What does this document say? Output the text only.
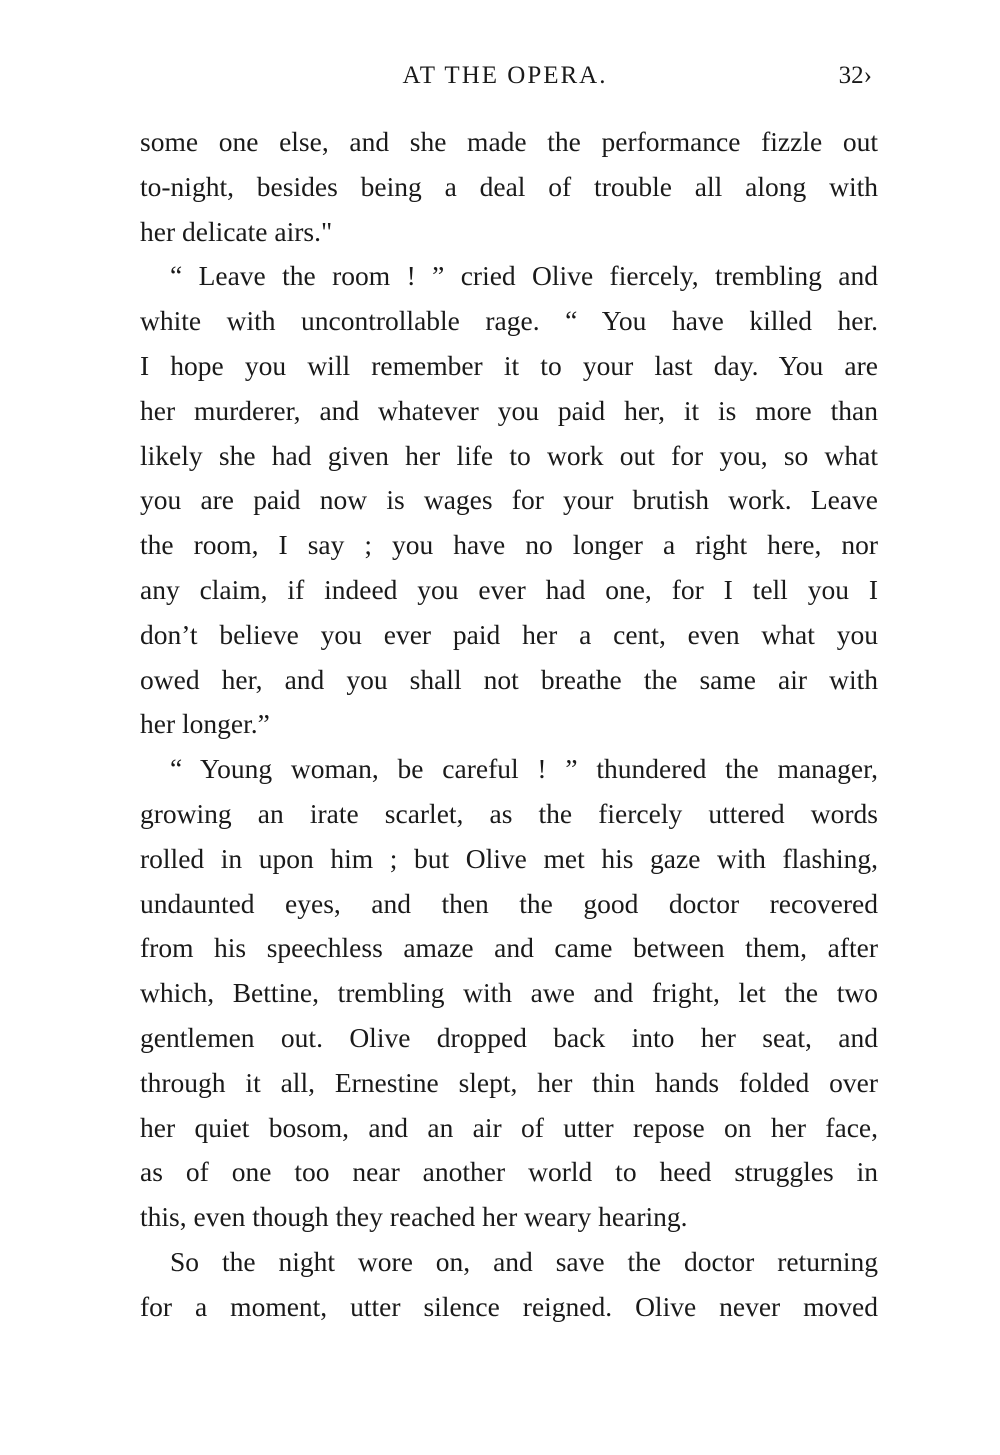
AT THE OPERA.	32›
some one else, and she made the performance fizzle out
to-night, besides being a deal of trouble all along with
her delicate airs."
“ Leave the room ! ” cried Olive fiercely, trembling and
white with uncontrollable rage. “ You have killed her.
I hope you will remember it to your last day. You are
her murderer, and whatever you paid her, it is more than
likely she had given her life to work out for you, so what
you are paid now is wages for your brutish work. Leave
the room, I say ; you have no longer a right here, nor
any claim, if indeed you ever had one, for I tell you I
don’t believe you ever paid her a cent, even what you
owed her, and you shall not breathe the same air with
her longer.”
“ Young woman, be careful ! ” thundered the manager,
growing an irate scarlet, as the fiercely uttered words
rolled in upon him ; but Olive met his gaze with flashing,
undaunted eyes, and then the good doctor recovered
from his speechless amaze and came between them, after
which, Bettine, trembling with awe and fright, let the two
gentlemen out. Olive dropped back into her seat, and
through it all, Ernestine slept, her thin hands folded over
her quiet bosom, and an air of utter repose on her face,
as of one too near another world to heed struggles in
this, even though they reached her weary hearing.
So the night wore on, and save the doctor returning
for a moment, utter silence reigned. Olive never moved
